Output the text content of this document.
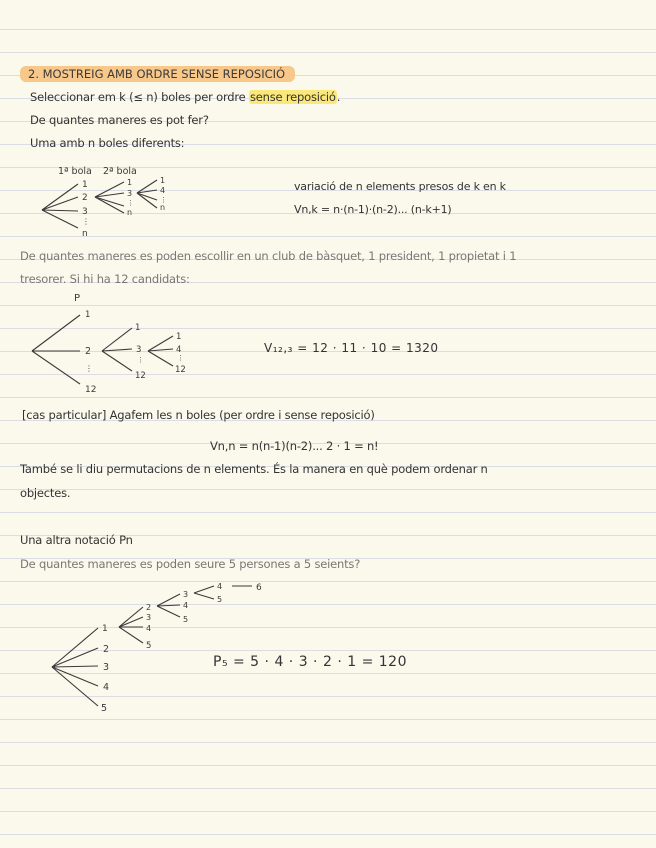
2. MOSTREIG AMB ORDRE SENSE REPOSICIÓ
Seleccionar em k (≤ n) boles per ordre sense reposició.
De quantes maneres es pot fer?
Uma amb n boles diferents:
1ª bola 2ª bola
1
2
3
⋮
n
1
3
⋮
n
1
4
⋮
n
variació de n elements presos de k en k
Vn,k = n·(n-1)·(n-2)... (n-k+1)
De quantes maneres es poden escollir en un club de bàsquet, 1 president, 1 propietat i 1
tresorer. Si hi ha 12 candidats:
P
1
2
⋮
12
1
3
⋮
12
1
4
⋮
12
V₁₂,₃ = 12 · 11 · 10 = 1320
[cas particular] Agafem les n boles (per ordre i sense reposició)
Vn,n = n(n-1)(n-2)... 2 · 1 = n!
També se li diu permutacions de n elements. És la manera en què podem ordenar n
objectes.
Una altra notació Pn
De quantes maneres es poden seure 5 persones a 5 seients?
1
2
3
4
5
2
3
4
5
3
4
5
4
5
6
P₅ = 5 · 4 · 3 · 2 · 1 = 120
